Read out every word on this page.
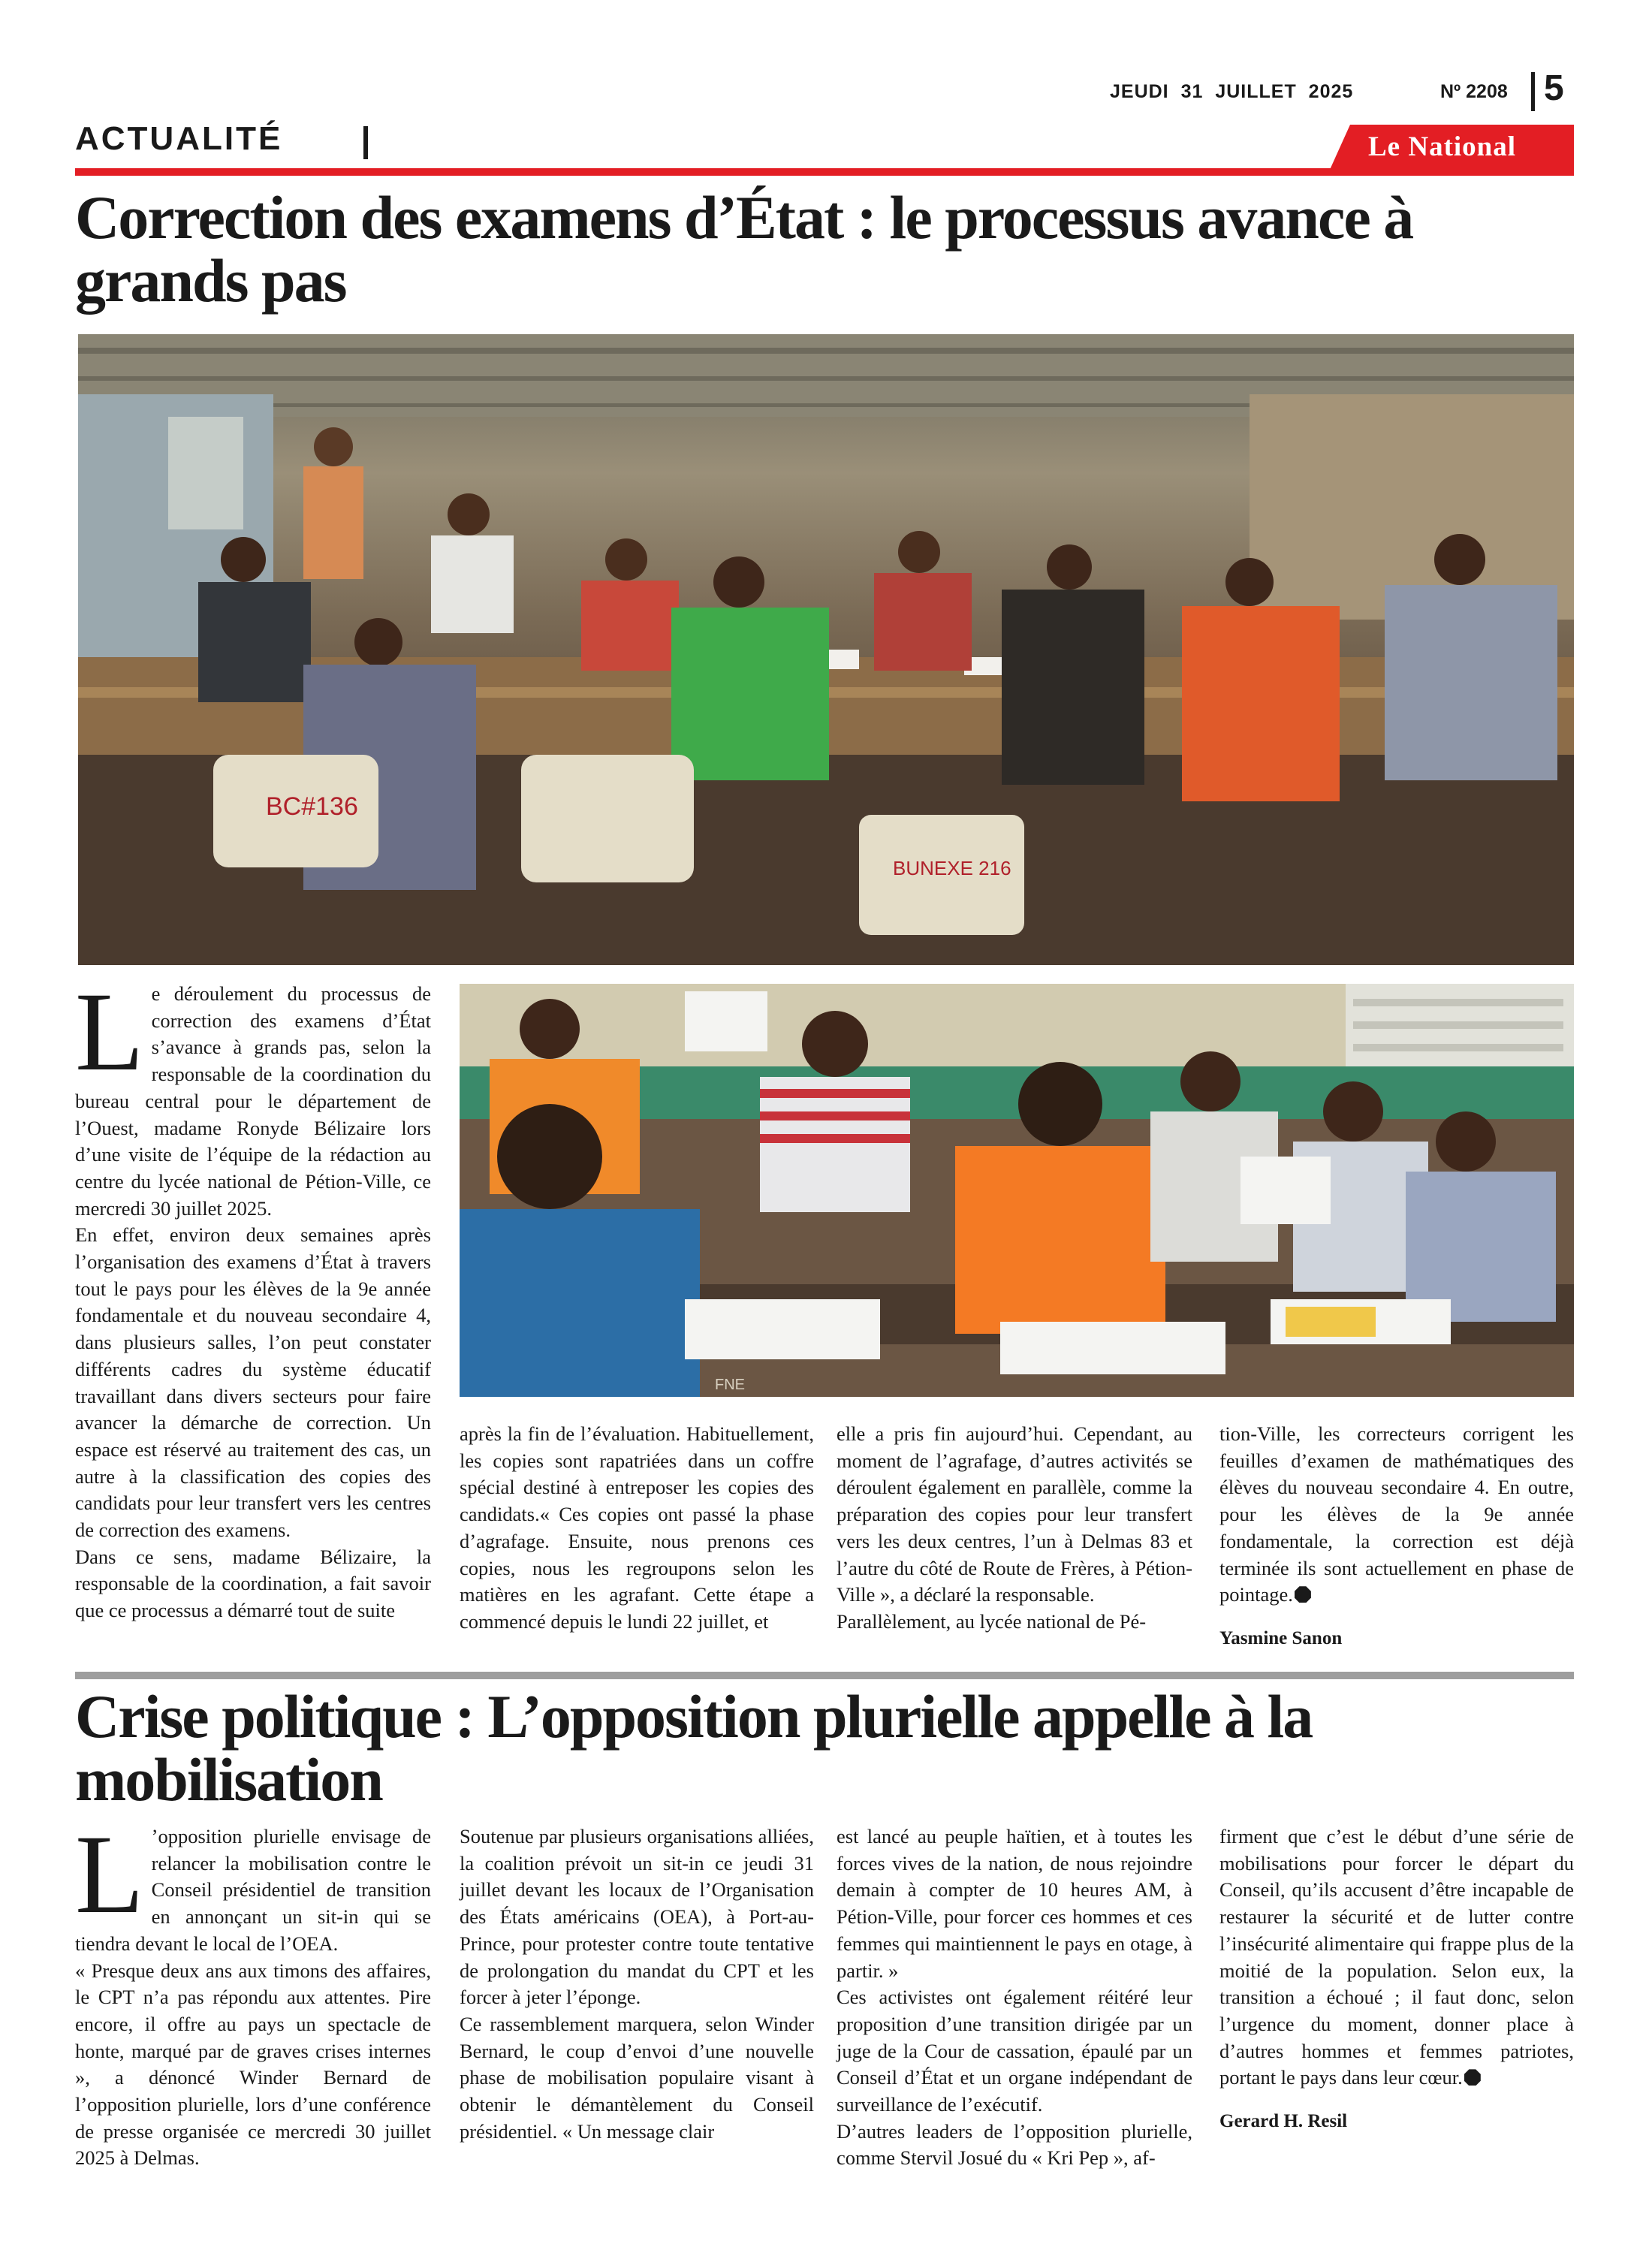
JEUDI 31 JUILLET 2025	Nº 2208 5
ACTUALITÉ	Le National
Correction des examens d’État : le processus avance à grands pas
BC#136
BUNEXE 216
FNE

Le déroulement du processus de correction des examens d’État s’avance à grands pas, selon la responsable de la coordination du bureau central pour le département de l’Ouest, madame Ronyde Bélizaire lors d’une visite de l’équipe de la rédaction au centre du lycée national de Pétion-Ville, ce mercredi 30 juillet 2025.

En effet, environ deux semaines après l’organisation des examens d’État à travers tout le pays pour les élèves de la 9e année fondamentale et du nouveau secondaire 4, dans plusieurs salles, l’on peut constater différents cadres du système éducatif travaillant dans divers secteurs pour faire avancer la démarche de correction. Un espace est réservé au traitement des cas, un autre à la classification des copies des candidats pour leur transfert vers les centres de correction des examens.

Dans ce sens, madame Bélizaire, la responsable de la coordination, a fait savoir que ce processus a démarré tout de suite

après la fin de l’évaluation. Habituellement, les copies sont rapatriées dans un coffre spécial destiné à entreposer les copies des candidats.« Ces copies ont passé la phase d’agrafage. Ensuite, nous prenons ces copies, nous les regroupons selon les matières en les agrafant. Cette étape a commencé depuis le lundi 22 juillet, et

elle a pris fin aujourd’hui. Cependant, au moment de l’agrafage, d’autres activités se déroulent également en parallèle, comme la préparation des copies pour leur transfert vers les deux centres, l’un à Delmas 83 et l’autre du côté de Route de Frères, à Pétion-Ville », a déclaré la responsable.

Parallèlement, au lycée national de Pé-

tion-Ville, les correcteurs corrigent les feuilles d’examen de mathématiques des élèves du nouveau secondaire 4. En outre, pour les élèves de la 9e année fondamentale, la correction est déjà terminée ils sont actuellement en phase de pointage.

Yasmine Sanon
Crise politique : L’opposition plurielle appelle à la mobilisation

L ’opposition plurielle envisage de relancer la mobilisation contre le Conseil présidentiel de transition en annonçant un sit-in qui se tiendra devant le local de l’OEA.

« Presque deux ans aux timons des affaires, le CPT n’a pas répondu aux attentes. Pire encore, il offre au pays un spectacle de honte, marqué par de graves crises internes », a dénoncé Winder Bernard de l’opposition plurielle, lors d’une conférence de presse organisée ce mercredi 30 juillet 2025 à Delmas.

Soutenue par plusieurs organisations alliées, la coalition prévoit un sit-in ce jeudi 31 juillet devant les locaux de l’Organisation des États américains (OEA), à Port-au-Prince, pour protester contre toute tentative de prolongation du mandat du CPT et les forcer à jeter l’éponge.

Ce rassemblement marquera, selon Winder Bernard, le coup d’envoi d’une nouvelle phase de mobilisation populaire visant à obtenir le démantèlement du Conseil présidentiel. « Un message clair

est lancé au peuple haïtien, et à toutes les forces vives de la nation, de nous rejoindre demain à compter de 10 heures AM, à Pétion-Ville, pour forcer ces hommes et ces femmes qui maintiennent le pays en otage, à partir. »

Ces activistes ont également réitéré leur proposition d’une transition dirigée par un juge de la Cour de cassation, épaulé par un Conseil d’État et un organe indépendant de surveillance de l’exécutif.

D’autres leaders de l’opposition plurielle, comme Stervil Josué du « Kri Pep », af-

firment que c’est le début d’une série de mobilisations pour forcer le départ du Conseil, qu’ils accusent d’être incapable de restaurer la sécurité et de lutter contre l’insécurité alimentaire qui frappe plus de la moitié de la population. Selon eux, la transition a échoué ; il faut donc, selon l’urgence du moment, donner place à d’autres hommes et femmes patriotes, portant le pays dans leur cœur.

Gerard H. Resil
